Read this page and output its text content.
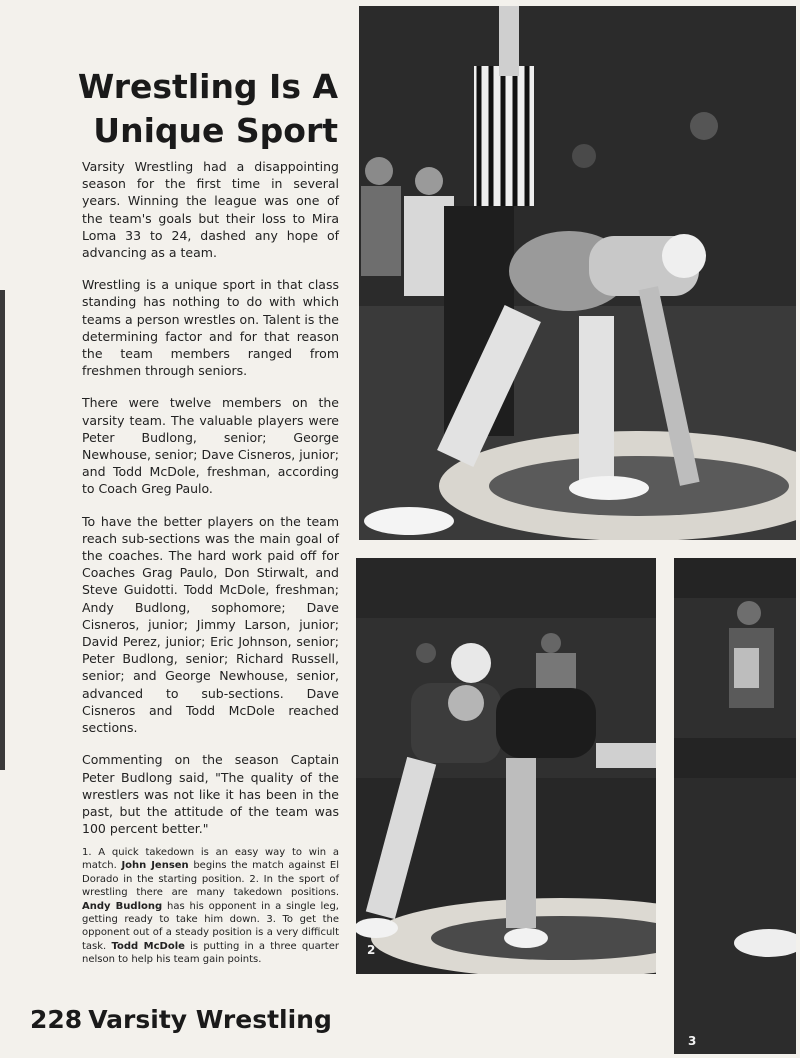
Wrestling Is A
Unique Sport

Varsity Wrestling had a disappointing season for the first time in several years. Winning the league was one of the team's goals but their loss to Mira Loma 33 to 24, dashed any hope of advancing as a team.

Wrestling is a unique sport in that class standing has nothing to do with which teams a person wrestles on. Talent is the determining factor and for that reason the team members ranged from freshmen through seniors.

There were twelve members on the varsity team. The valuable players were Peter Budlong, senior; George Newhouse, senior; Dave Cisneros, junior; and Todd McDole, freshman, according to Coach Greg Paulo.

To have the better players on the team reach sub-sections was the main goal of the coaches. The hard work paid off for Coaches Grag Paulo, Don Stirwalt, and Steve Guidotti. Todd McDole, freshman; Andy Budlong, sophomore; Dave Cisneros, junior; Jimmy Larson, junior; David Perez, junior; Eric Johnson, senior; Peter Budlong, senior; Richard Russell, senior; and George Newhouse, senior, advanced to sub-sections. Dave Cisneros and Todd McDole reached sections.

Commenting on the season Captain Peter Budlong said, "The quality of the wrestlers was not like it has been in the past, but the attitude of the team was 100 percent better."

1. A quick takedown is an easy way to win a match. John Jensen begins the match against El Dorado in the starting position. 2. In the sport of wrestling there are many takedown positions. Andy Budlong has his opponent in a single leg, getting ready to take him down. 3. To get the opponent out of a steady position is a very difficult task. Todd McDole is putting in a three quarter nelson to help his team gain points.
228 Varsity Wrestling
2
3
